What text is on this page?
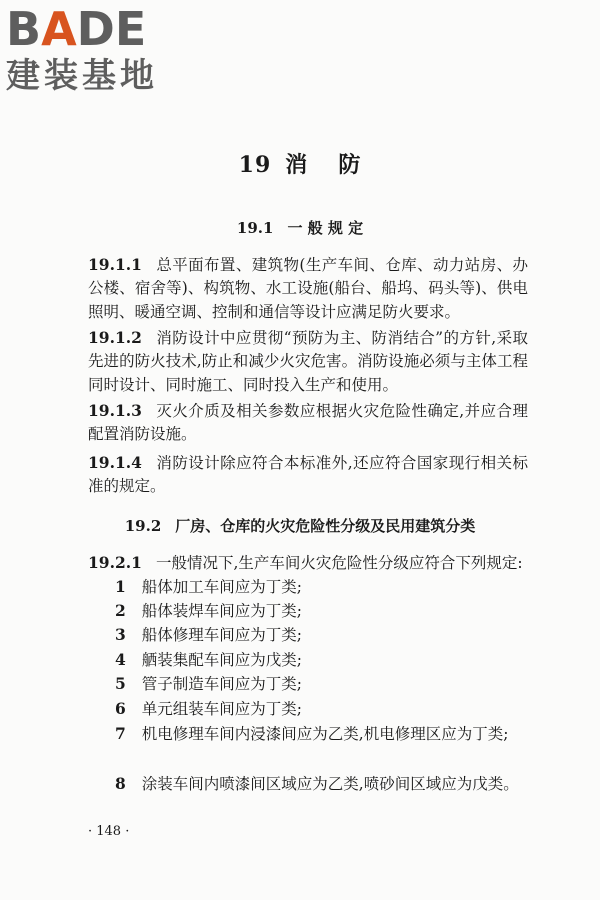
BADE
建装基地
19 消 防
19.1 一 般 规 定
19.1.1 总平面布置、建筑物(生产车间、仓库、动力站房、办公楼、宿舍等)、构筑物、水工设施(船台、船坞、码头等)、供电照明、暖通空调、控制和通信等设计应满足防火要求。
19.1.2 消防设计中应贯彻“预防为主、防消结合”的方针,采取先进的防火技术,防止和减少火灾危害。消防设施必须与主体工程同时设计、同时施工、同时投入生产和使用。
19.1.3 灭火介质及相关参数应根据火灾危险性确定,并应合理配置消防设施。
19.1.4 消防设计除应符合本标准外,还应符合国家现行相关标准的规定。
19.2 厂房、仓库的火灾危险性分级及民用建筑分类
19.2.1 一般情况下,生产车间火灾危险性分级应符合下列规定:
1 船体加工车间应为丁类;
2 船体装焊车间应为丁类;
3 船体修理车间应为丁类;
4 舾装集配车间应为戊类;
5 管子制造车间应为丁类;
6 单元组装车间应为丁类;
7 机电修理车间内浸漆间应为乙类,机电修理区应为丁类;
8 涂装车间内喷漆间区域应为乙类,喷砂间区域应为戊类。
· 148 ·
